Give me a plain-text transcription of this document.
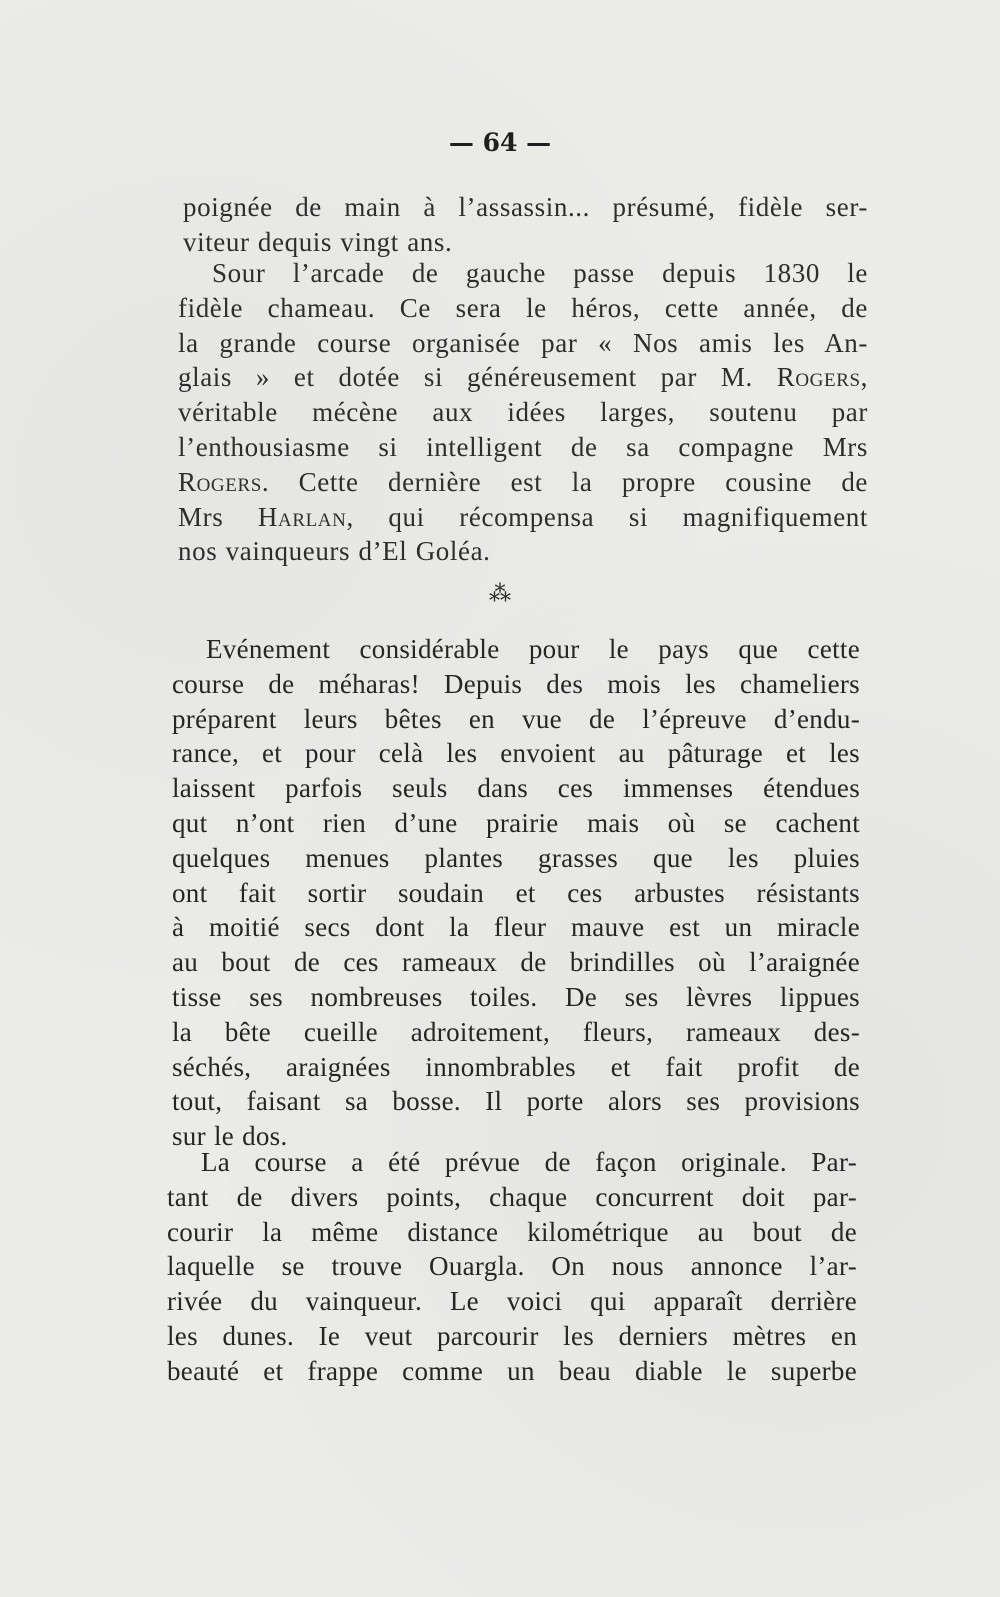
— 64 —

poignée de main à l’assassin... présumé, fidèle ser-
viteur dequis vingt ans.

Sour l’arcade de gauche passe depuis 1830 le
fidèle chameau. Ce sera le héros, cette année, de
la grande course organisée par « Nos amis les An-
glais » et dotée si généreusement par M. Rogers,
véritable mécène aux idées larges, soutenu par
l’enthousiasme si intelligent de sa compagne Mrs
Rogers. Cette dernière est la propre cousine de
Mrs Harlan, qui récompensa si magnifiquement
nos vainqueurs d’El Goléa.

⁂

Evénement considérable pour le pays que cette
course de méharas! Depuis des mois les chameliers
préparent leurs bêtes en vue de l’épreuve d’endu-
rance, et pour celà les envoient au pâturage et les
laissent parfois seuls dans ces immenses étendues
qut n’ont rien d’une prairie mais où se cachent
quelques menues plantes grasses que les pluies
ont fait sortir soudain et ces arbustes résistants
à moitié secs dont la fleur mauve est un miracle
au bout de ces rameaux de brindilles où l’araignée
tisse ses nombreuses toiles. De ses lèvres lippues
la bête cueille adroitement, fleurs, rameaux des-
séchés, araignées innombrables et fait profit de
tout, faisant sa bosse. Il porte alors ses provisions
sur le dos.

La course a été prévue de façon originale. Par-
tant de divers points, chaque concurrent doit par-
courir la même distance kilométrique au bout de
laquelle se trouve Ouargla. On nous annonce l’ar-
rivée du vainqueur. Le voici qui apparaît derrière
les dunes. Ie veut parcourir les derniers mètres en
beauté et frappe comme un beau diable le superbe
